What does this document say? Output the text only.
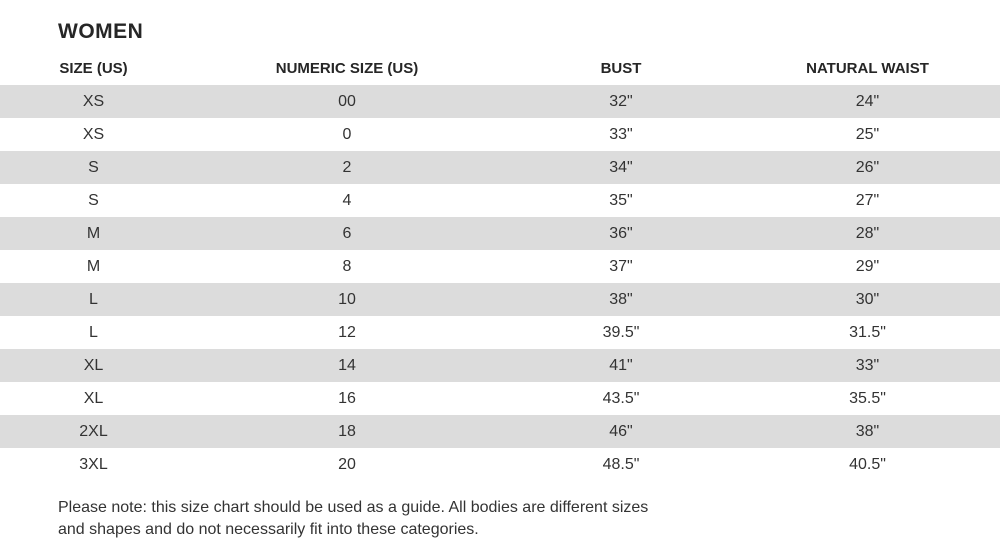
WOMEN
SIZE (US)	NUMERIC SIZE (US)	BUST	NATURAL WAIST
XS	00	32"	24"
XS	0	33"	25"
S	2	34"	26"
S	4	35"	27"
M	6	36"	28"
M	8	37"	29"
L	10	38"	30"
L	12	39.5"	31.5"
XL	14	41"	33"
XL	16	43.5"	35.5"
2XL	18	46"	38"
3XL	20	48.5"	40.5"

Please note: this size chart should be used as a guide. All bodies are different sizes
and shapes and do not necessarily fit into these categories.
